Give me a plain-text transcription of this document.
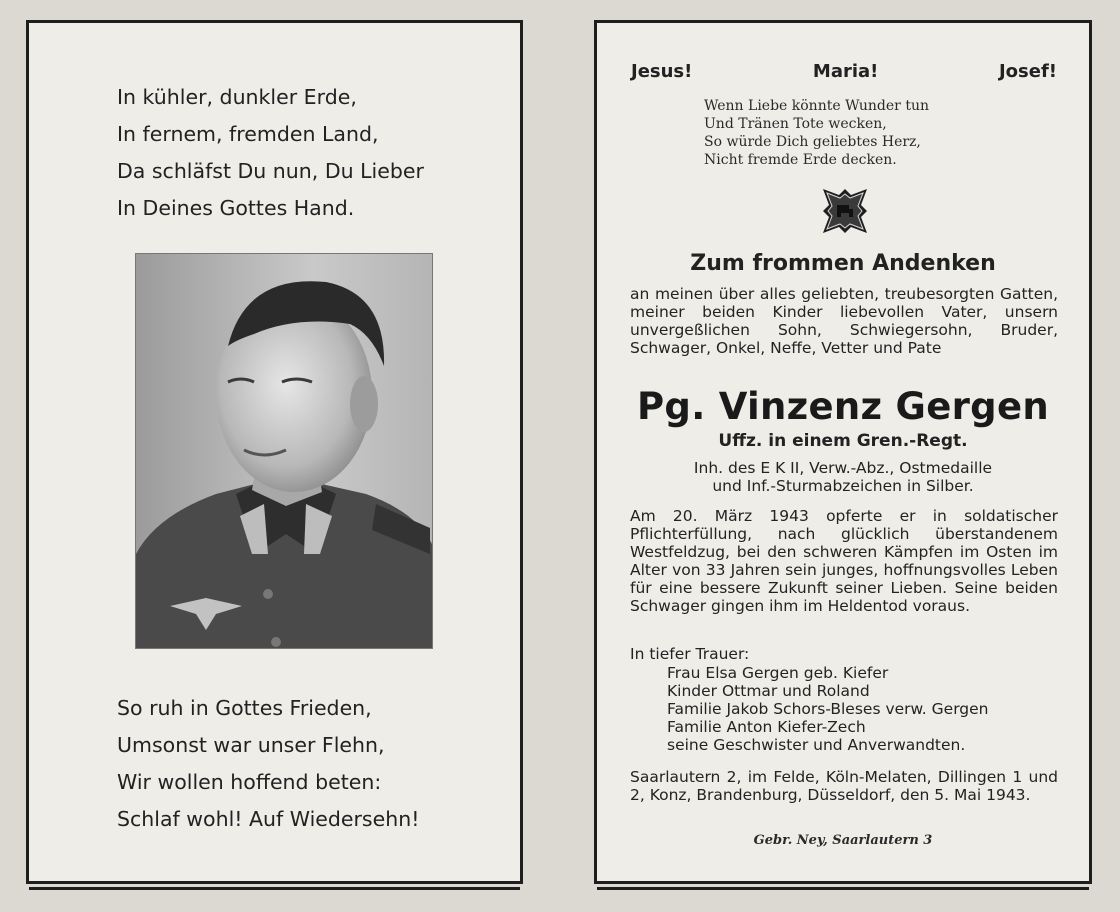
In kühler, dunkler Erde,
In fernem, fremden Land,
Da schläfst Du nun, Du Lieber
In Deines Gottes Hand.
So ruh in Gottes Frieden,
Umsonst war unser Flehn,
Wir wollen hoffend beten:
Schlaf wohl! Auf Wiedersehn!
Jesus!	Maria!	Josef!
Wenn Liebe könnte Wunder tun
Und Tränen Tote wecken,
So würde Dich geliebtes Herz,
Nicht fremde Erde decken.
Zum frommen Andenken

an meinen über alles geliebten, treubesorgten Gatten, meiner beiden Kinder liebevollen Vater, unsern unvergeßlichen Sohn, Schwiegersohn, Bruder, Schwager, Onkel, Neffe, Vetter und Pate

Pg. Vinzenz Gergen
Uffz. in einem Gren.-Regt.
Inh. des E K II, Verw.-Abz., Ostmedaille
und Inf.-Sturmabzeichen in Silber.

Am 20. März 1943 opferte er in soldatischer Pflichterfüllung, nach glücklich überstandenem Westfeldzug, bei den schweren Kämpfen im Osten im Alter von 33 Jahren sein junges, hoffnungsvolles Leben für eine bessere Zukunft seiner Lieben. Seine beiden Schwager gingen ihm im Heldentod voraus.

In tiefer Trauer:

Frau Elsa Gergen geb. Kiefer
Kinder Ottmar und Roland
Familie Jakob Schors-Bleses verw. Gergen
Familie Anton Kiefer-Zech
seine Geschwister und Anverwandten.

Saarlautern 2, im Felde, Köln-Melaten, Dillingen 1 und 2, Konz, Brandenburg, Düsseldorf, den 5. Mai 1943.

Gebr. Ney, Saarlautern 3
